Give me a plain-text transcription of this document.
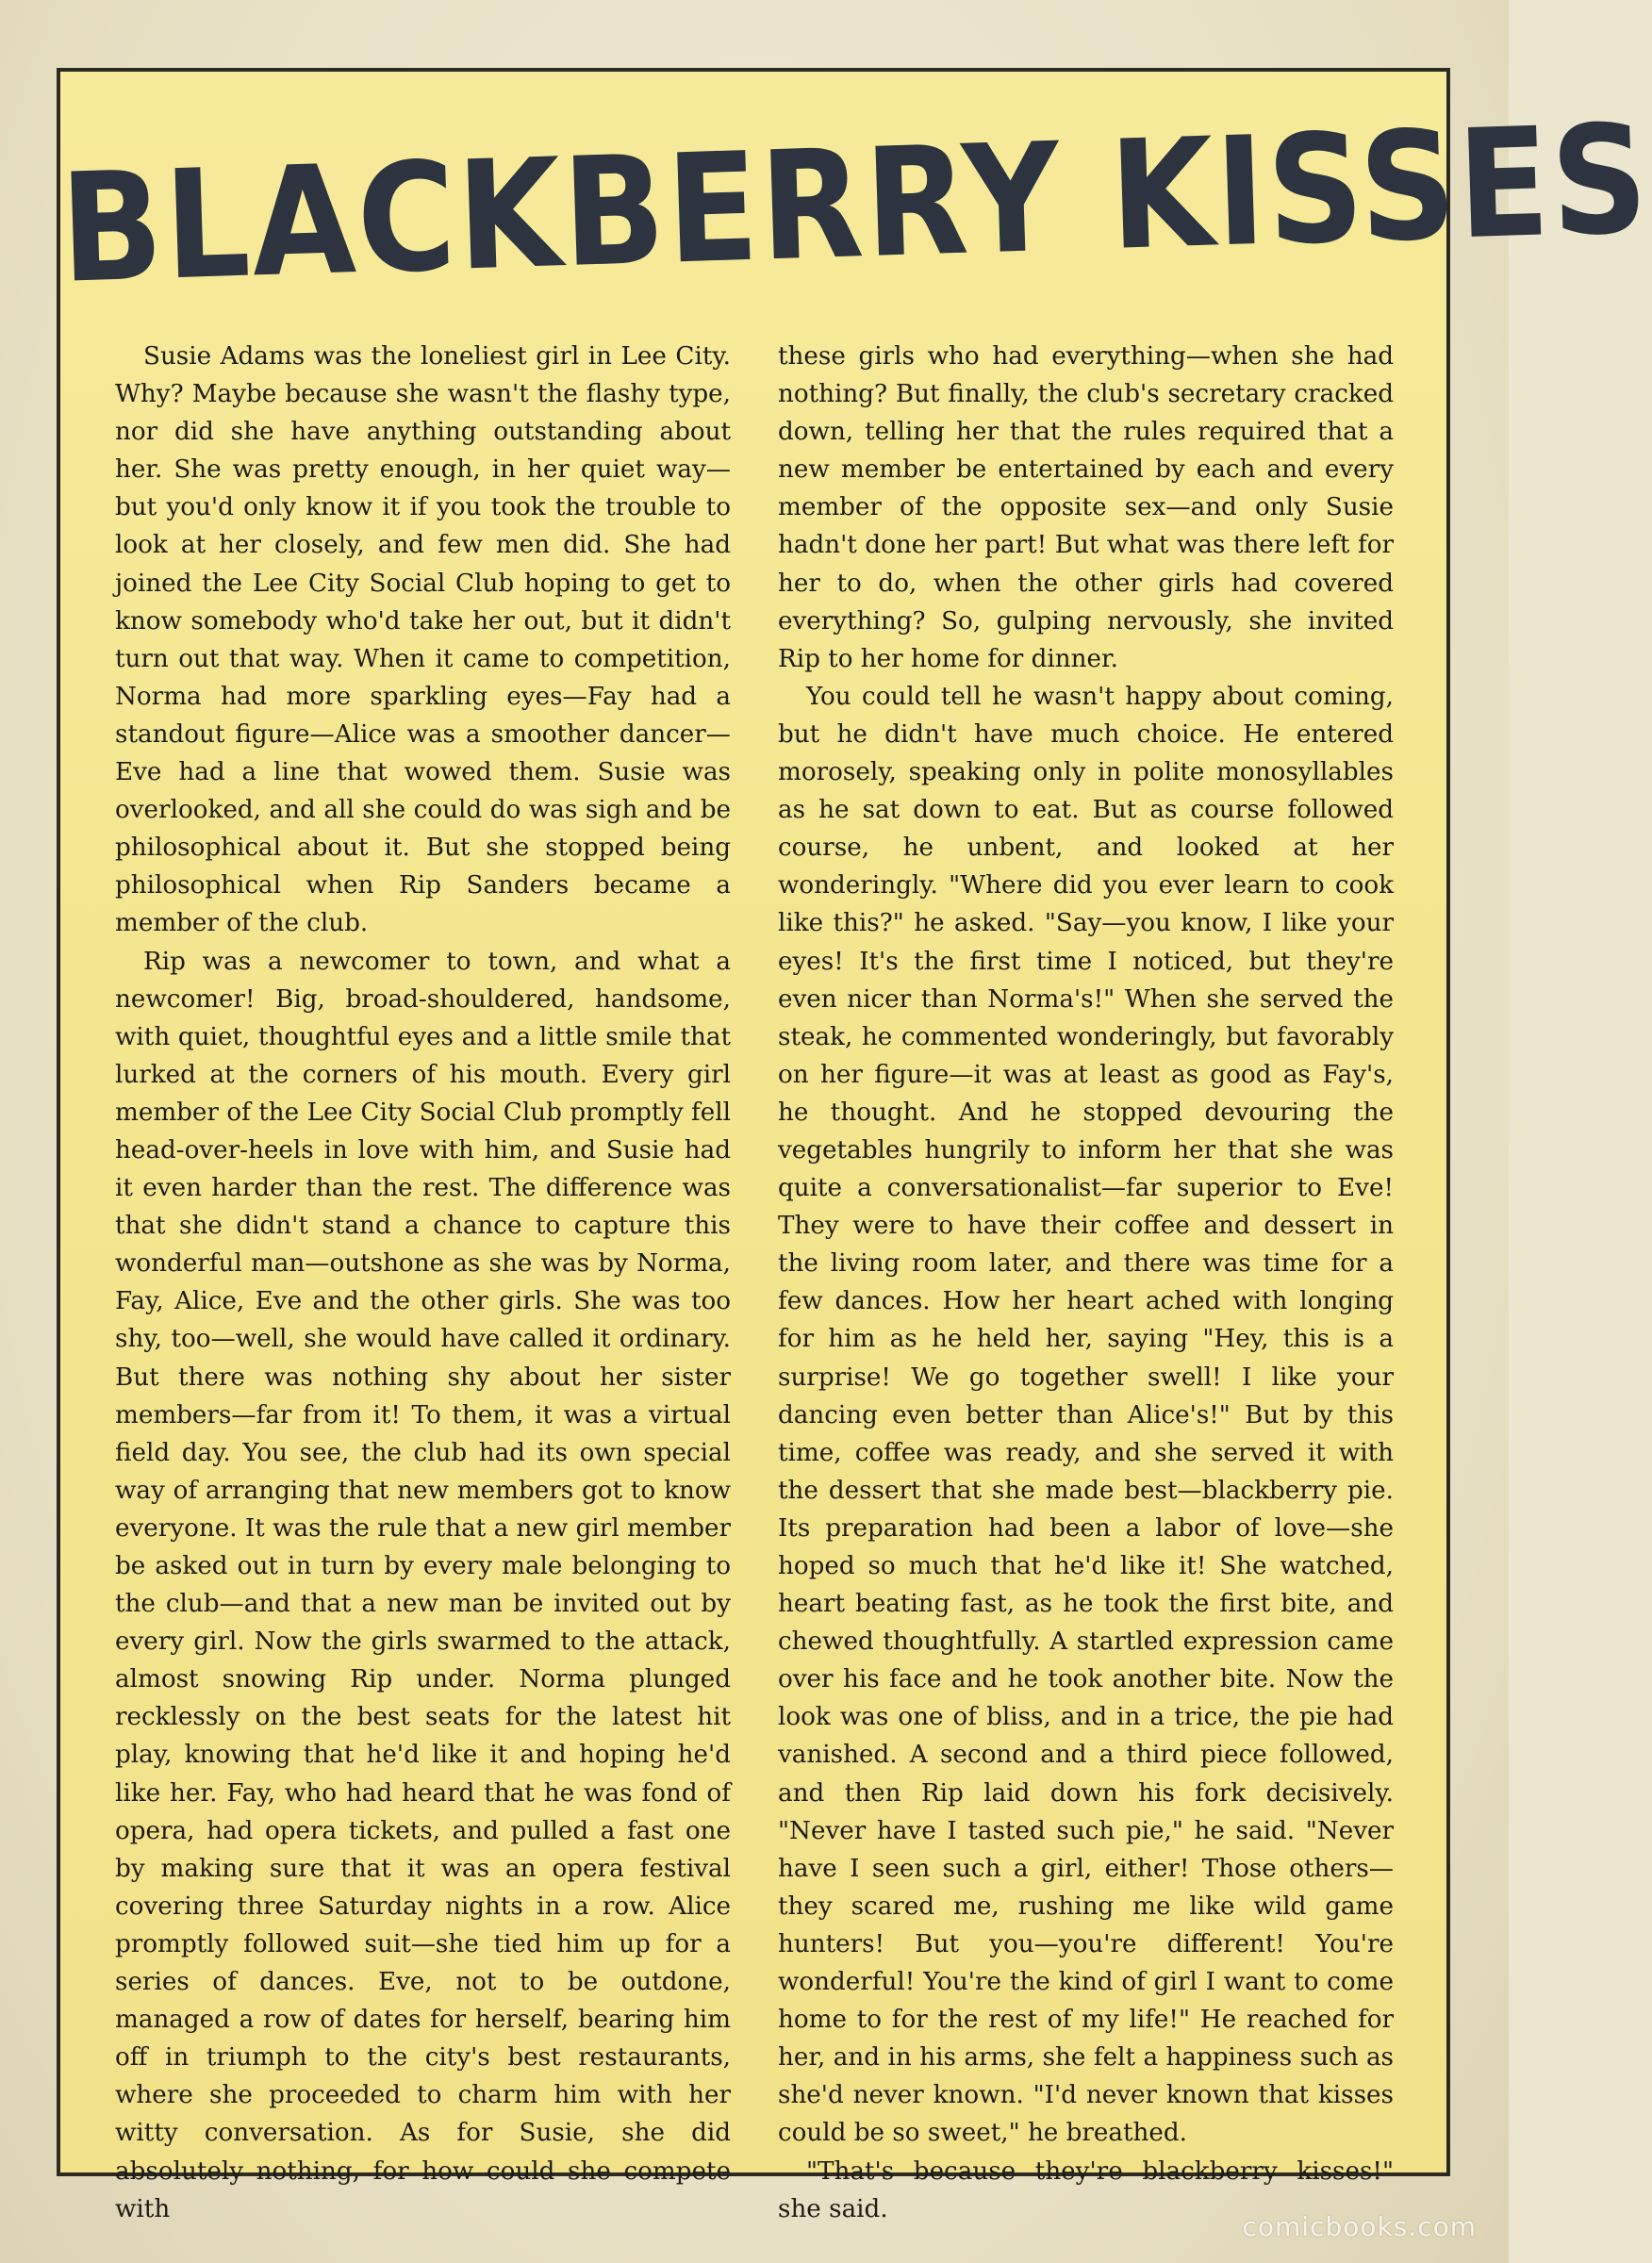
BLACKBERRY KISSES

Susie Adams was the loneliest girl in Lee City. Why? Maybe because she wasn't the flashy type, nor did she have anything outstanding about her. She was pretty enough, in her quiet way—but you'd only know it if you took the trouble to look at her closely, and few men did. She had joined the Lee City Social Club hoping to get to know somebody who'd take her out, but it didn't turn out that way. When it came to competition, Norma had more sparkling eyes—Fay had a standout figure—Alice was a smoother dancer—Eve had a line that wowed them. Susie was overlooked, and all she could do was sigh and be philosophical about it. But she stopped being philosophical when Rip Sanders became a member of the club.

Rip was a newcomer to town, and what a newcomer! Big, broad-shouldered, handsome, with quiet, thoughtful eyes and a little smile that lurked at the corners of his mouth. Every girl member of the Lee City Social Club promptly fell head-over-heels in love with him, and Susie had it even harder than the rest. The difference was that she didn't stand a chance to capture this wonderful man—outshone as she was by Norma, Fay, Alice, Eve and the other girls. She was too shy, too—well, she would have called it ordinary. But there was nothing shy about her sister members—far from it! To them, it was a virtual field day. You see, the club had its own special way of arranging that new members got to know everyone. It was the rule that a new girl member be asked out in turn by every male belonging to the club—and that a new man be invited out by every girl. Now the girls swarmed to the attack, almost snowing Rip under. Norma plunged recklessly on the best seats for the latest hit play, knowing that he'd like it and hoping he'd like her. Fay, who had heard that he was fond of opera, had opera tickets, and pulled a fast one by making sure that it was an opera festival covering three Saturday nights in a row. Alice promptly followed suit—she tied him up for a series of dances. Eve, not to be outdone, managed a row of dates for herself, bearing him off in triumph to the city's best restaurants, where she proceeded to charm him with her witty conversation. As for Susie, she did absolutely nothing, for how could she compete with

these girls who had everything—when she had nothing? But finally, the club's secretary cracked down, telling her that the rules required that a new member be entertained by each and every member of the opposite sex—and only Susie hadn't done her part! But what was there left for her to do, when the other girls had covered everything? So, gulping nervously, she invited Rip to her home for dinner.

You could tell he wasn't happy about coming, but he didn't have much choice. He entered morosely, speaking only in polite monosyllables as he sat down to eat. But as course followed course, he unbent, and looked at her wonderingly. "Where did you ever learn to cook like this?" he asked. "Say—you know, I like your eyes! It's the first time I noticed, but they're even nicer than Norma's!" When she served the steak, he commented wonderingly, but favorably on her figure—it was at least as good as Fay's, he thought. And he stopped devouring the vegetables hungrily to inform her that she was quite a conversationalist—far superior to Eve! They were to have their coffee and dessert in the living room later, and there was time for a few dances. How her heart ached with longing for him as he held her, saying "Hey, this is a surprise! We go together swell! I like your dancing even better than Alice's!" But by this time, coffee was ready, and she served it with the dessert that she made best—blackberry pie. Its preparation had been a labor of love—she hoped so much that he'd like it! She watched, heart beating fast, as he took the first bite, and chewed thoughtfully. A startled expression came over his face and he took another bite. Now the look was one of bliss, and in a trice, the pie had vanished. A second and a third piece followed, and then Rip laid down his fork decisively. "Never have I tasted such pie," he said. "Never have I seen such a girl, either! Those others—they scared me, rushing me like wild game hunters! But you—you're different! You're wonderful! You're the kind of girl I want to come home to for the rest of my life!" He reached for her, and in his arms, she felt a happiness such as she'd never known. "I'd never known that kisses could be so sweet," he breathed.

"That's because they're blackberry kisses!" she said.

comicbooks.com
